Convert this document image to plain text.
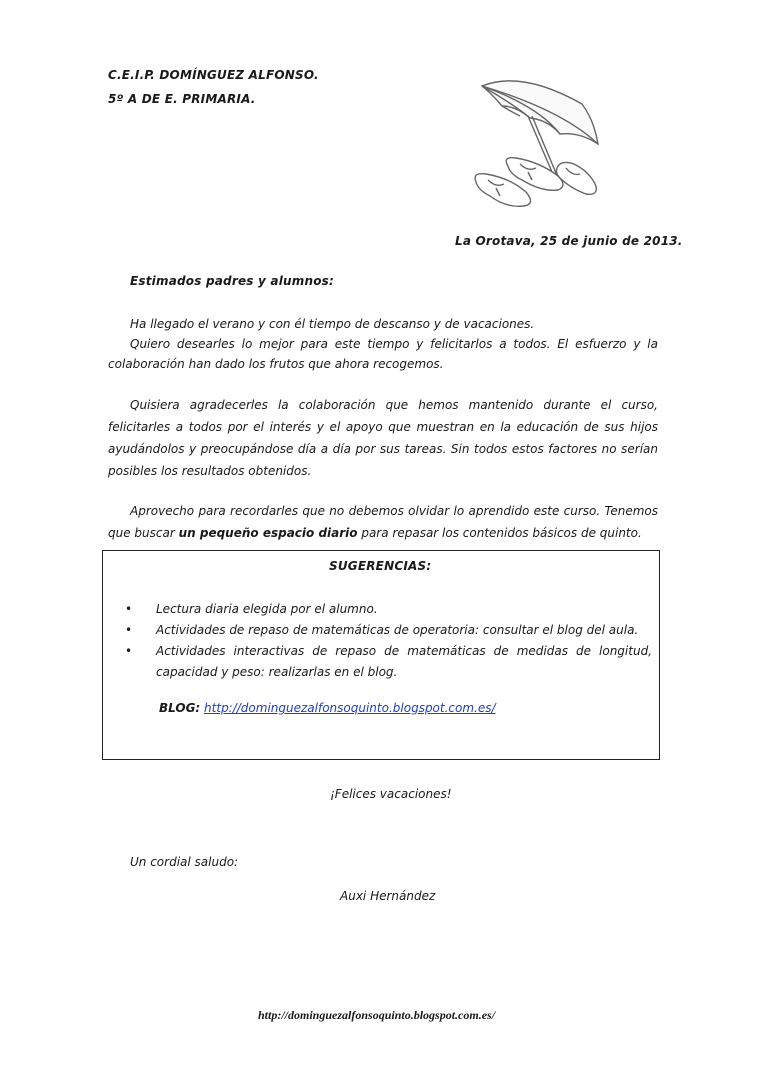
C.E.I.P. DOMÍNGUEZ ALFONSO.
5º A DE E. PRIMARIA.
La Orotava, 25 de junio de 2013.
Estimados padres y alumnos:
Ha llegado el verano y con él tiempo de descanso y de vacaciones.
Quiero desearles lo mejor para este tiempo y felicitarlos a todos. El esfuerzo y la
colaboración han dado los frutos que ahora recogemos.
Quisiera agradecerles la colaboración que hemos mantenido durante el curso,
felicitarles a todos por el interés y el apoyo que muestran en la educación de sus hijos
ayudándolos y preocupándose día a día por sus tareas. Sin todos estos factores no serían
posibles los resultados obtenidos.
Aprovecho para recordarles que no debemos olvidar lo aprendido este curso. Tenemos
que buscar un pequeño espacio diario para repasar los contenidos básicos de quinto.
SUGERENCIAS:
• Lectura diaria elegida por el alumno.
• Actividades de repaso de matemáticas de operatoria: consultar el blog del aula.
• Actividades interactivas de repaso de matemáticas de medidas de longitud,
capacidad y peso: realizarlas en el blog.
BLOG: http://dominguezalfonsoquinto.blogspot.com.es/
¡Felices vacaciones!
Un cordial saludo:
Auxi Hernández
http://dominguezalfonsoquinto.blogspot.com.es/
